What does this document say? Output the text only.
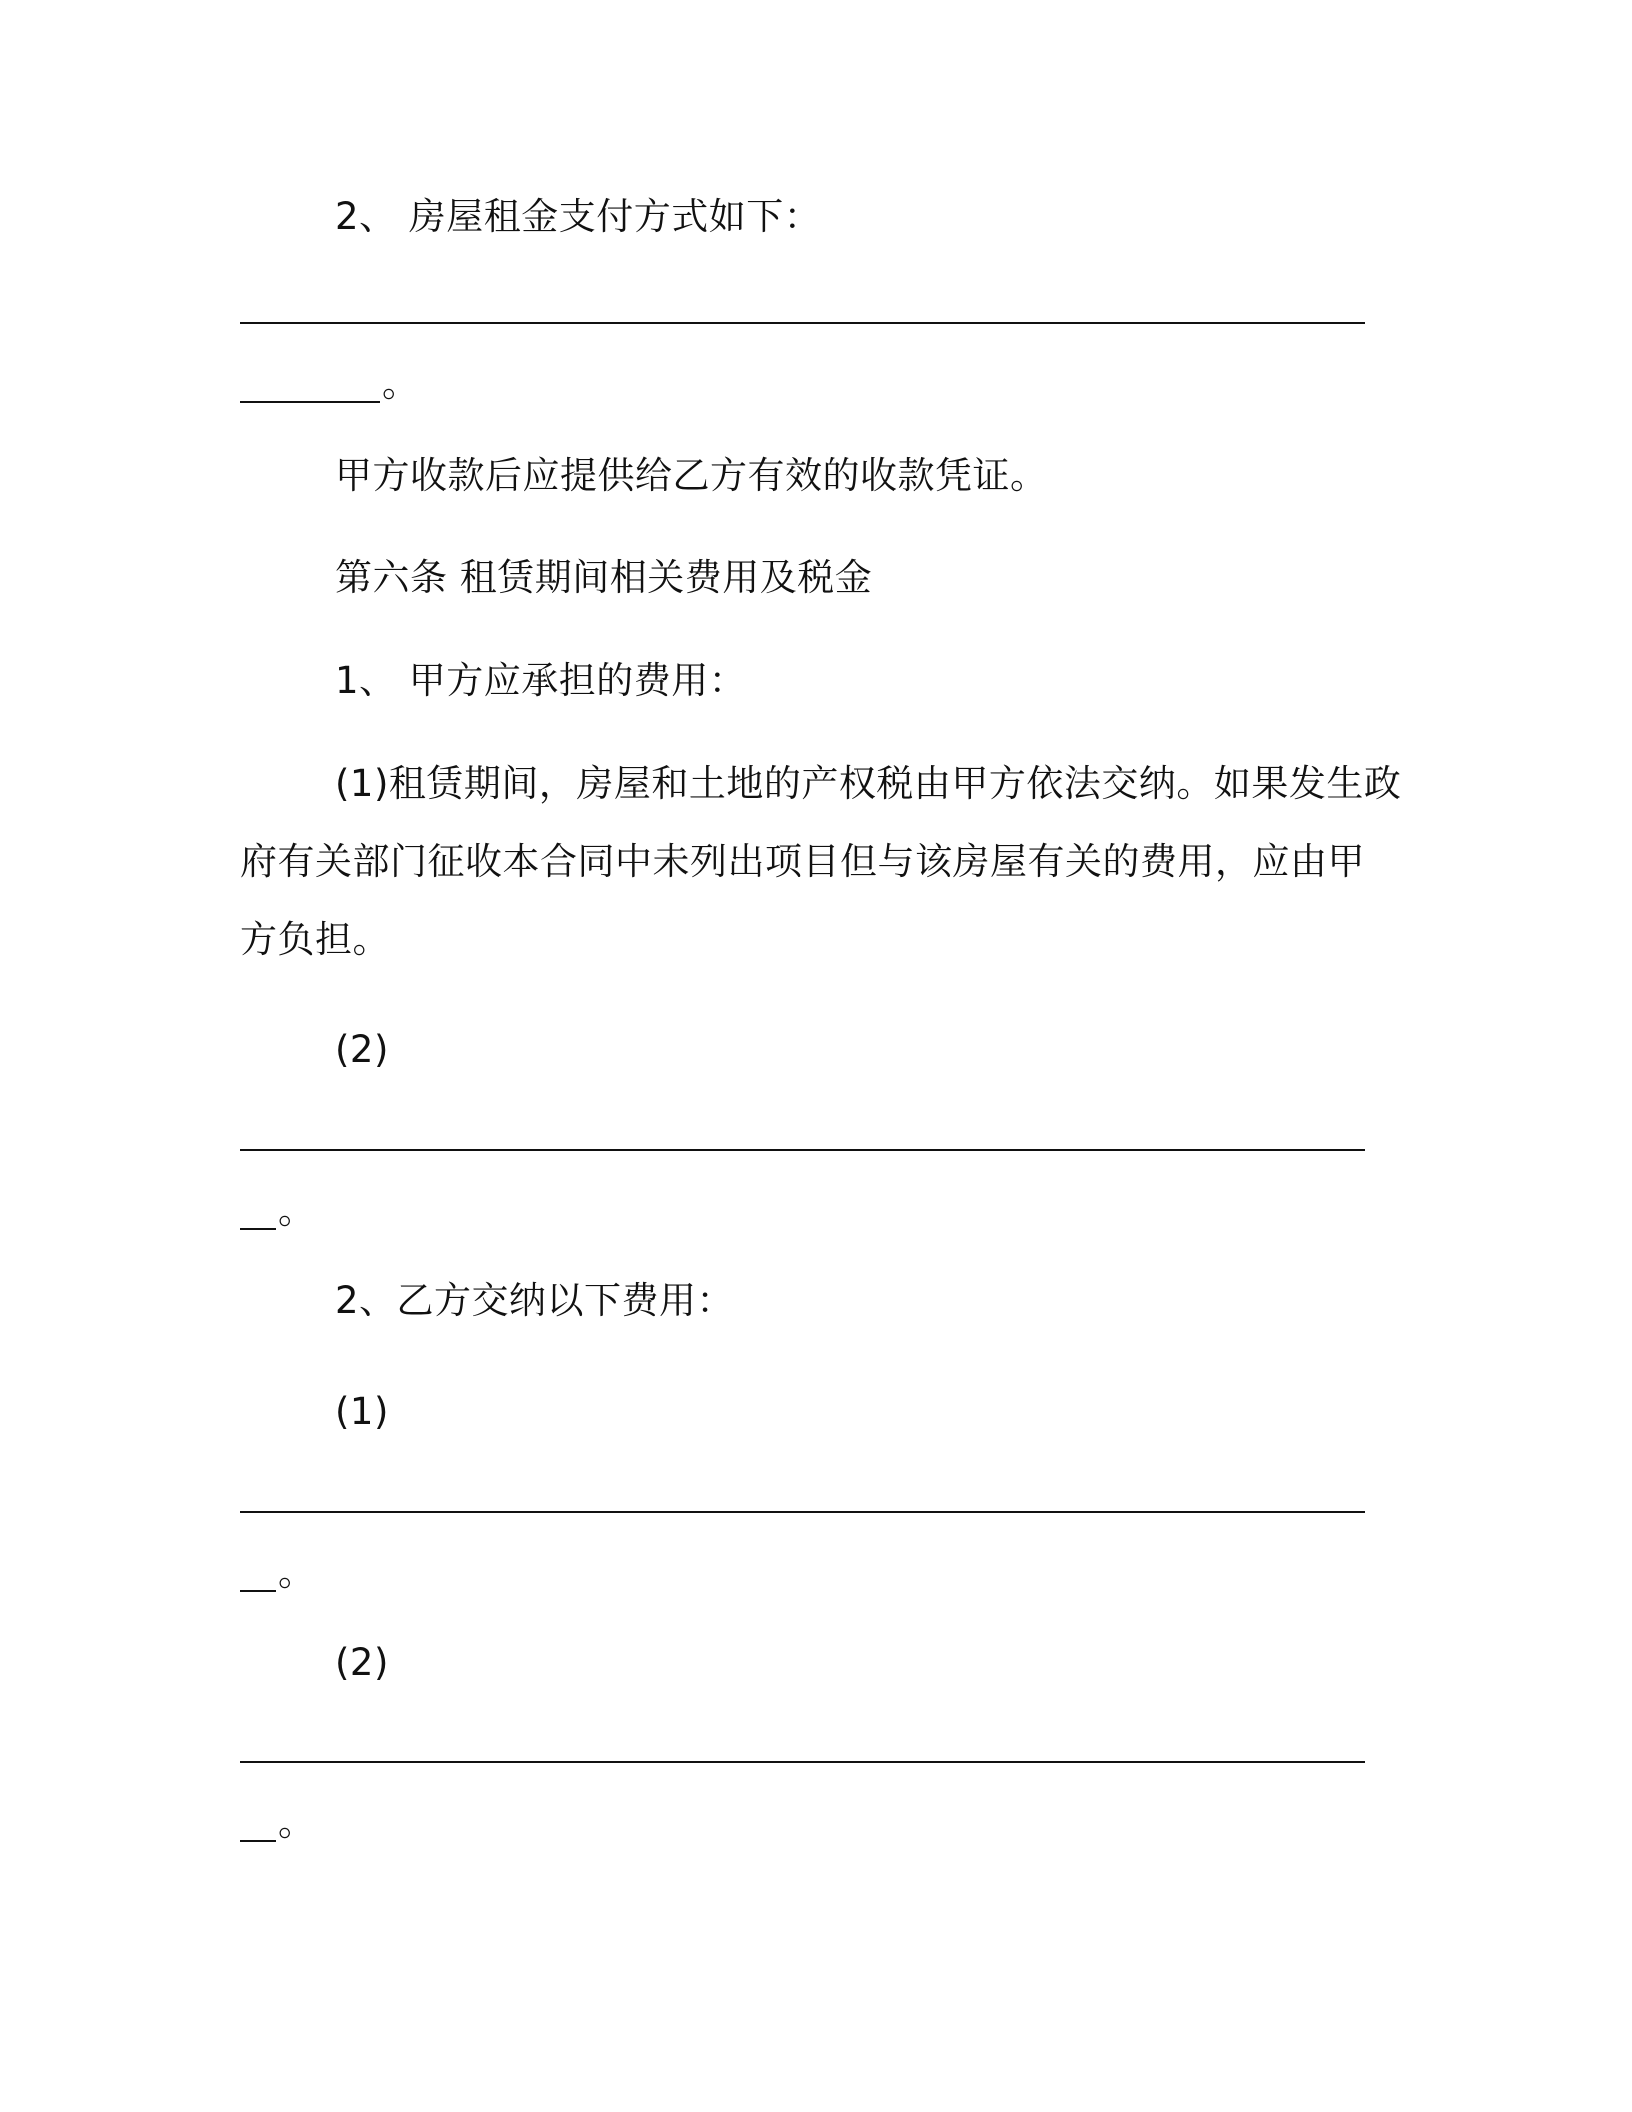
2、 房屋租金支付方式如下：
。
甲方收款后应提供给乙方有效的收款凭证。
第六条 租赁期间相关费用及税金
1、 甲方应承担的费用：
(1)租赁期间，房屋和土地的产权税由甲方依法交纳。如果发生政
府有关部门征收本合同中未列出项目但与该房屋有关的费用，应由甲
方负担。
(2)
。
2、乙方交纳以下费用：
(1)
。
(2)
。
